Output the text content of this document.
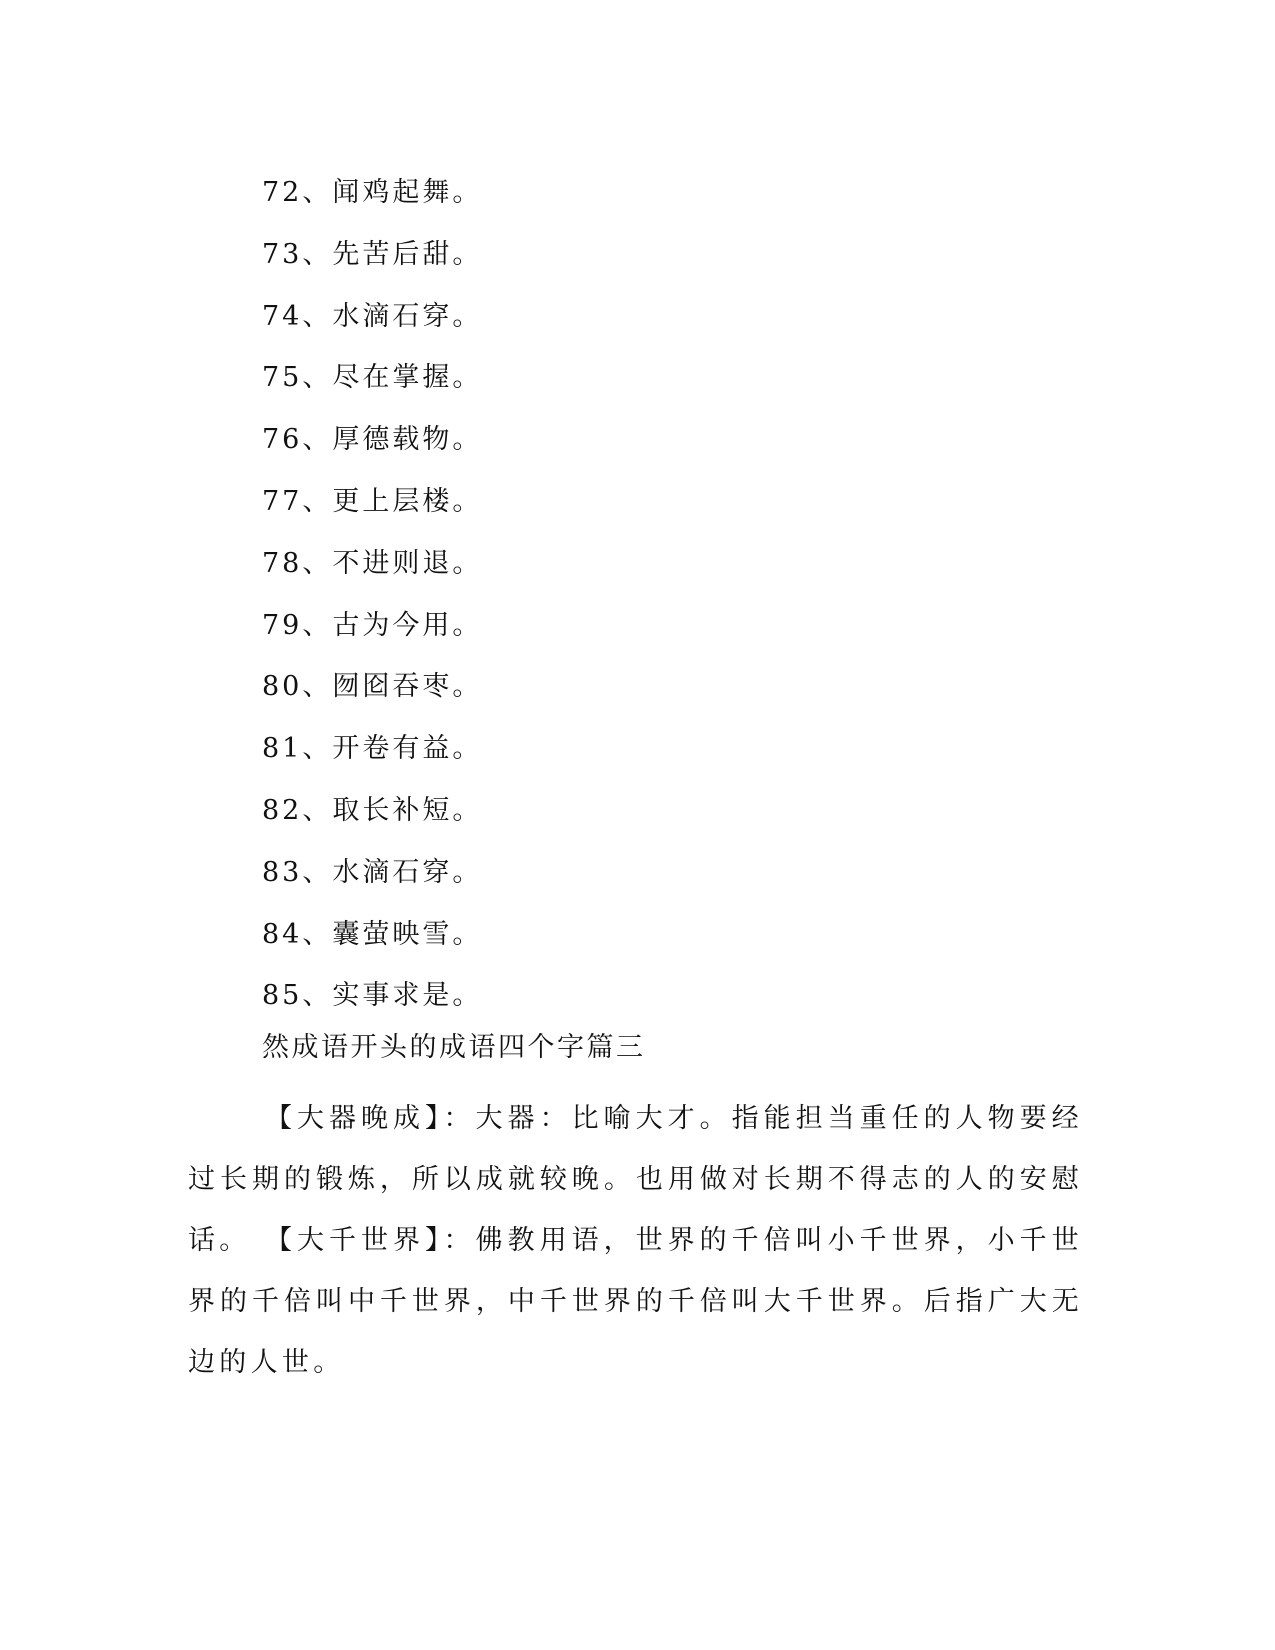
72、闻鸡起舞。
73、先苦后甜。
74、水滴石穿。
75、尽在掌握。
76、厚德载物。
77、更上层楼。
78、不进则退。
79、古为今用。
80、囫囵吞枣。
81、开卷有益。
82、取长补短。
83、水滴石穿。
84、囊萤映雪。
85、实事求是。
然成语开头的成语四个字篇三

【大器晚成】：大器：比喻大才。指能担当重任的人物要经过长期的锻炼，所以成就较晚。也用做对长期不得志的人的安慰话。 【大千世界】：佛教用语，世界的千倍叫小千世界，小千世界的千倍叫中千世界，中千世界的千倍叫大千世界。后指广大无边的人世。
